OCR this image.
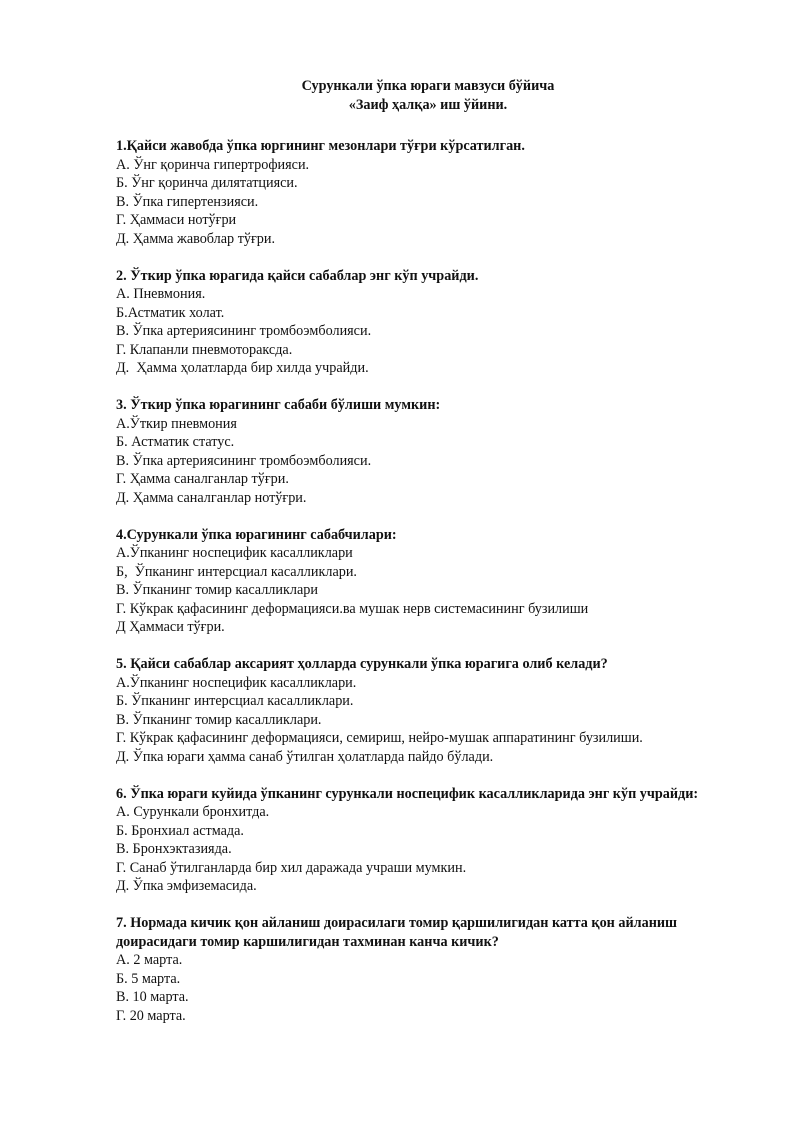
Сурункали ўпка юраги мавзуси бўйича
«Заиф ҳалқа» иш ўйини.

1.Қайси жавобда ўпка юргининг мезонлари тўғри кўрсатилган.

А. Ўнг қоринча гипертрофияси.
Б. Ўнг қоринча дилятатцияси.
В. Ўпка гипертензияси.
Г. Ҳаммаси нотўғри
Д. Ҳамма жавоблар тўғри.

2. Ўткир ўпка юрагида қайси сабаблар энг кўп учрайди.

А. Пневмония.
Б.Астматик холат.
В. Ўпка артериясининг тромбоэмболияси.
Г. Клапанли пневмотораксда.
Д.  Ҳамма ҳолатларда бир хилда учрайди.

3. Ўткир ўпка юрагининг сабаби бўлиши мумкин:

А.Ўткир пневмония
Б. Астматик статус.
В. Ўпка артериясининг тромбоэмболияси.
Г. Ҳамма саналганлар тўғри.
Д. Ҳамма саналганлар нотўғри.

4.Сурункали ўпка юрагининг сабабчилари:

А.Ўпканинг носпецифик касалликлари
Б,  Ўпканинг интерсциал касалликлари.
В. Ўпканинг томир касалликлари
Г. Кўкрак қафасининг деформацияси.ва мушак нерв системасининг бузилиши
Д Ҳаммаси тўғри.

5. Қайси сабаблар аксарият ҳолларда сурункали ўпка юрагига олиб келади?

А.Ўпканинг носпецифик касалликлари.
Б. Ўпканинг интерсциал касалликлари.
В. Ўпканинг томир касалликлари.
Г. Кўкрак қафасининг деформацияси, семириш, нейро-мушак аппаратининг бузилиши.
Д. Ўпка юраги ҳамма санаб ўтилган ҳолатларда пайдо бўлади.

6. Ўпка юраги куйида ўпканинг сурункали носпецифик касалликларида энг кўп учрайди:

А. Сурункали бронхитда.
Б. Бронхиал астмада.
В. Бронхэктазияда.
Г. Санаб ўтилганларда бир хил даражада учраши мумкин.
Д. Ўпка эмфиземасида.

7. Нормада кичик қон айланиш доирасилаги томир қаршилигидан катта қон айланиш доирасидаги томир каршилигидан тахминан канча кичик?

А. 2 марта.
Б. 5 марта.
В. 10 марта.
Г. 20 марта.
